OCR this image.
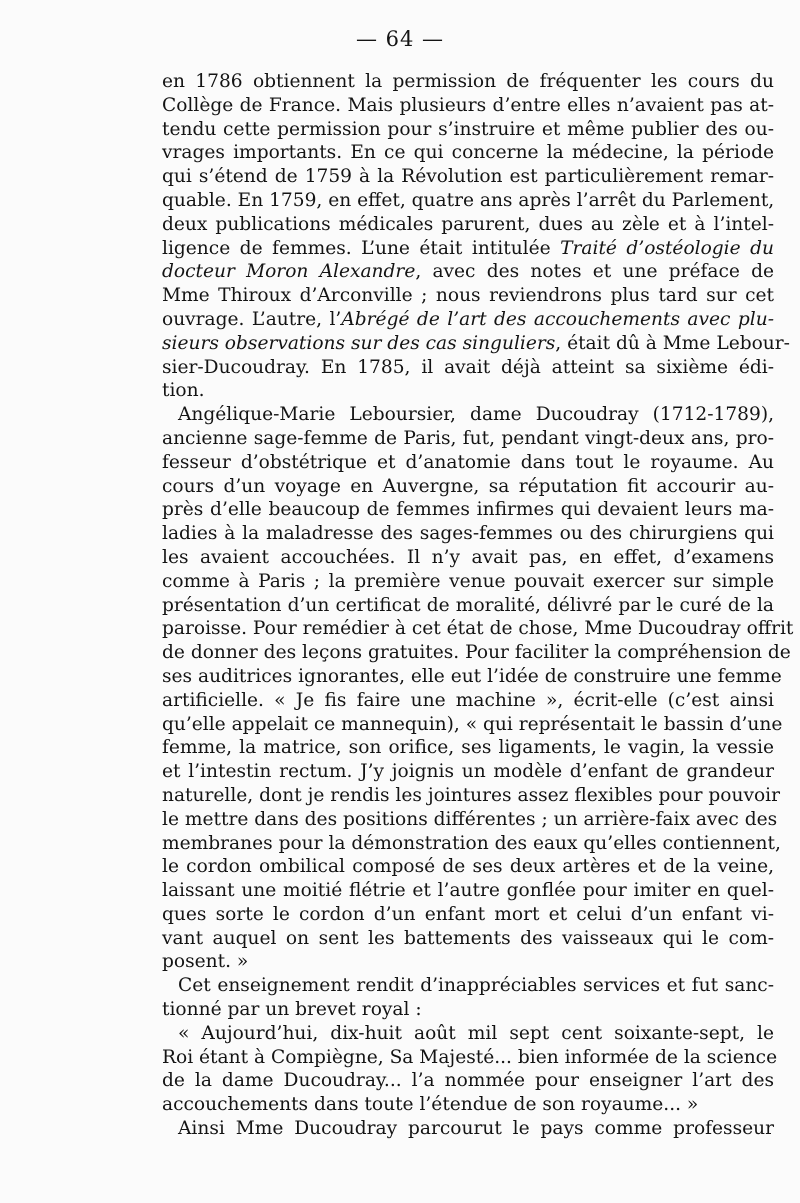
— 64 —
en 1786 obtiennent la permission de fréquenter les cours du
Collège de France. Mais plusieurs d’entre elles n’avaient pas at-
tendu cette permission pour s’instruire et même publier des ou-
vrages importants. En ce qui concerne la médecine, la période
qui s’étend de 1759 à la Révolution est particulièrement remar-
quable. En 1759, en effet, quatre ans après l’arrêt du Parlement,
deux publications médicales parurent, dues au zèle et à l’intel-
ligence de femmes. L’une était intitulée Traité d’ostéologie du
docteur Moron Alexandre, avec des notes et une préface de
Mme Thiroux d’Arconville ; nous reviendrons plus tard sur cet
ouvrage. L’autre, l’Abrégé de l’art des accouchements avec plu-
sieurs observations sur des cas singuliers, était dû à Mme Lebour-
sier-Ducoudray. En 1785, il avait déjà atteint sa sixième édi-
tion.
Angélique-Marie Leboursier, dame Ducoudray (1712-1789),
ancienne sage-femme de Paris, fut, pendant vingt-deux ans, pro-
fesseur d’obstétrique et d’anatomie dans tout le royaume. Au
cours d’un voyage en Auvergne, sa réputation fit accourir au-
près d’elle beaucoup de femmes infirmes qui devaient leurs ma-
ladies à la maladresse des sages-femmes ou des chirurgiens qui
les avaient accouchées. Il n’y avait pas, en effet, d’examens
comme à Paris ; la première venue pouvait exercer sur simple
présentation d’un certificat de moralité, délivré par le curé de la
paroisse. Pour remédier à cet état de chose, Mme Ducoudray offrit
de donner des leçons gratuites. Pour faciliter la compréhension de
ses auditrices ignorantes, elle eut l’idée de construire une femme
artificielle. « Je fis faire une machine », écrit-elle (c’est ainsi
qu’elle appelait ce mannequin), « qui représentait le bassin d’une
femme, la matrice, son orifice, ses ligaments, le vagin, la vessie
et l’intestin rectum. J’y joignis un modèle d’enfant de grandeur
naturelle, dont je rendis les jointures assez flexibles pour pouvoir
le mettre dans des positions différentes ; un arrière-faix avec des
membranes pour la démonstration des eaux qu’elles contiennent,
le cordon ombilical composé de ses deux artères et de la veine,
laissant une moitié flétrie et l’autre gonflée pour imiter en quel-
ques sorte le cordon d’un enfant mort et celui d’un enfant vi-
vant auquel on sent les battements des vaisseaux qui le com-
posent. »
Cet enseignement rendit d’inappréciables services et fut sanc-
tionné par un brevet royal :
« Aujourd’hui, dix-huit août mil sept cent soixante-sept, le
Roi étant à Compiègne, Sa Majesté... bien informée de la science
de la dame Ducoudray... l’a nommée pour enseigner l’art des
accouchements dans toute l’étendue de son royaume... »
Ainsi Mme Ducoudray parcourut le pays comme professeur
